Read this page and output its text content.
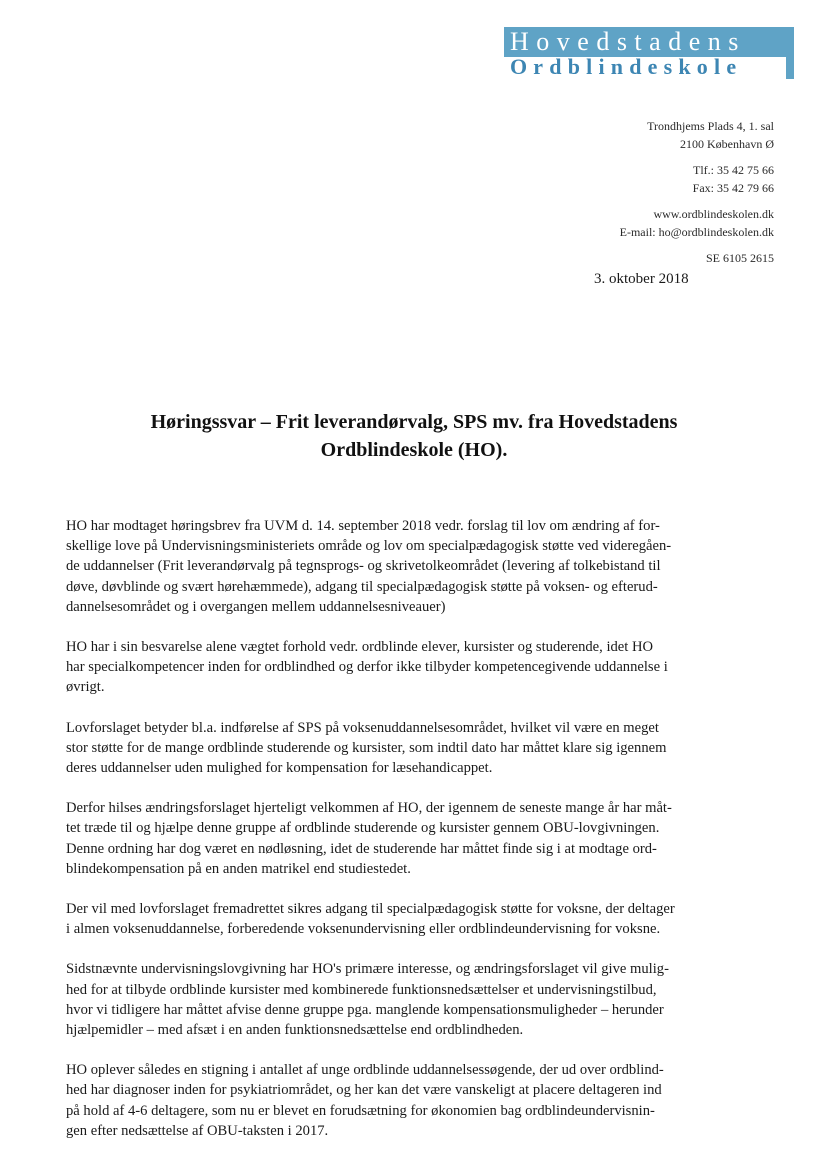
Hovedstadens
Ordblindeskole
Trondhjems Plads 4, 1. sal
2100 København Ø
Tlf.: 35 42 75 66
Fax: 35 42 79 66
www.ordblindeskolen.dk
E-mail: ho@ordblindeskolen.dk
SE 6105 2615
3. oktober 2018
Høringssvar – Frit leverandørvalg, SPS mv. fra Hovedstadens
Ordblindeskole (HO).

HO har modtaget høringsbrev fra UVM d. 14. september 2018 vedr. forslag til lov om ændring af for-
skellige love på Undervisningsministeriets område og lov om specialpædagogisk støtte ved videregåen-
de uddannelser (Frit leverandørvalg på tegnsprogs- og skrivetolkeområdet (levering af tolkebistand til
døve, døvblinde og svært hørehæmmede), adgang til specialpædagogisk støtte på voksen- og efterud-
dannelsesområdet og i overgangen mellem uddannelsesniveauer)

HO har i sin besvarelse alene vægtet forhold vedr. ordblinde elever, kursister og studerende, idet HO
har specialkompetencer inden for ordblindhed og derfor ikke tilbyder kompetencegivende uddannelse i
øvrigt.

Lovforslaget betyder bl.a. indførelse af SPS på voksenuddannelsesområdet, hvilket vil være en meget
stor støtte for de mange ordblinde studerende og kursister, som indtil dato har måttet klare sig igennem
deres uddannelser uden mulighed for kompensation for læsehandicappet.

Derfor hilses ændringsforslaget hjerteligt velkommen af HO, der igennem de seneste mange år har måt-
tet træde til og hjælpe denne gruppe af ordblinde studerende og kursister gennem OBU-lovgivningen.
Denne ordning har dog været en nødløsning, idet de studerende har måttet finde sig i at modtage ord-
blindekompensation på en anden matrikel end studiestedet.

Der vil med lovforslaget fremadrettet sikres adgang til specialpædagogisk støtte for voksne, der deltager
i almen voksenuddannelse, forberedende voksenundervisning eller ordblindeundervisning for voksne.

Sidstnævnte undervisningslovgivning har HO's primære interesse, og ændringsforslaget vil give mulig-
hed for at tilbyde ordblinde kursister med kombinerede funktionsnedsættelser et undervisningstilbud,
hvor vi tidligere har måttet afvise denne gruppe pga. manglende kompensationsmuligheder – herunder
hjælpemidler – med afsæt i en anden funktionsnedsættelse end ordblindheden.

HO oplever således en stigning i antallet af unge ordblinde uddannelsessøgende, der ud over ordblind-
hed har diagnoser inden for psykiatriområdet, og her kan det være vanskeligt at placere deltageren ind
på hold af 4-6 deltagere, som nu er blevet en forudsætning for økonomien bag ordblindeundervisnin-
gen efter nedsættelse af OBU-taksten i 2017.
